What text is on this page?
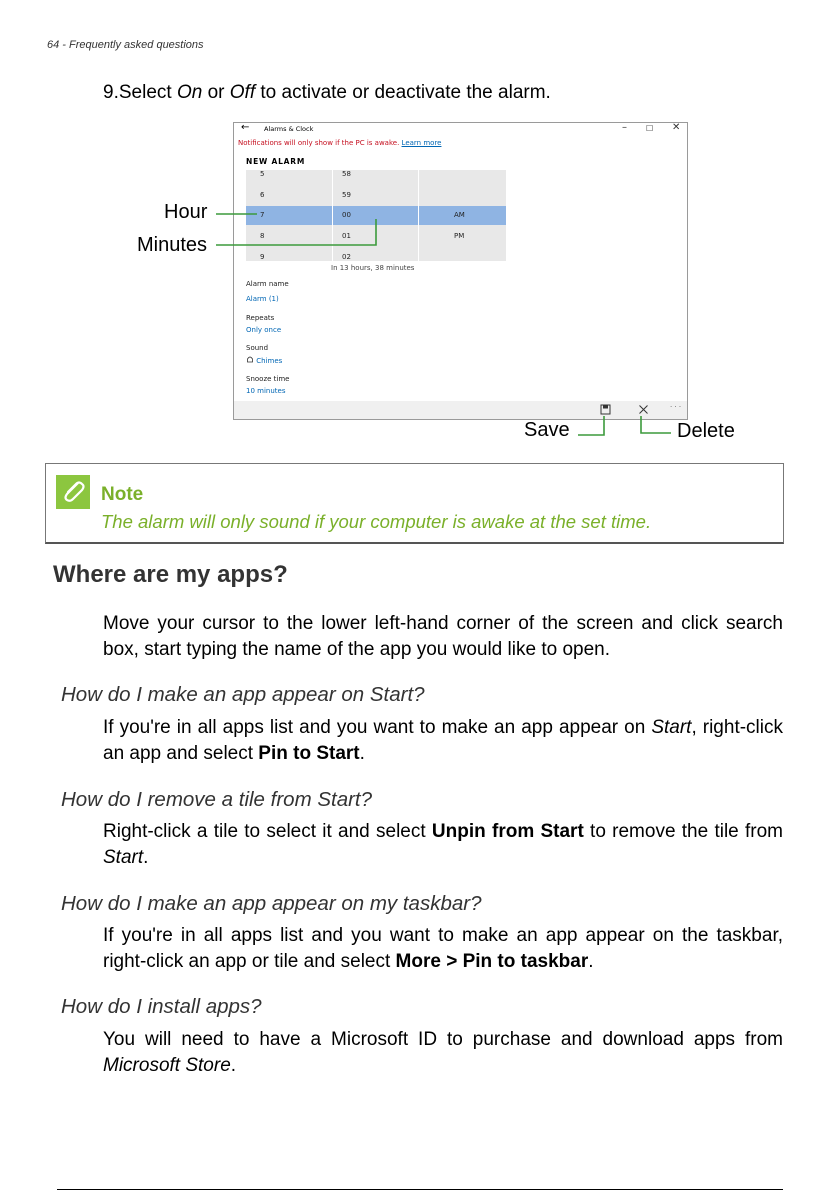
64 - Frequently asked questions
9.Select On or Off to activate or deactivate the alarm.
← Alarms & Clock	– ☐ ✕
Notifications will only show if the PC is awake. Learn more
NEW ALARM
5
6
7
8
9
58
59
00
01
02
AM
PM
In 13 hours, 38 minutes
Alarm name
Alarm (1)
Repeats
Only once
Sound
Chimes
Snooze time
10 minutes
· · ·
Hour
Minutes
Save	Delete
Note
The alarm will only sound if your computer is awake at the set time.
Where are my apps?
Move your cursor to the lower left-hand corner of the screen and click search box, start typing the name of the app you would like to open.
How do I make an app appear on Start?
If you're in all apps list and you want to make an app appear on Start, right-click an app and select Pin to Start.
How do I remove a tile from Start?
Right-click a tile to select it and select Unpin from Start to remove the tile from Start.
How do I make an app appear on my taskbar?
If you're in all apps list and you want to make an app appear on the taskbar, right-click an app or tile and select More > Pin to taskbar.
How do I install apps?
You will need to have a Microsoft ID to purchase and download apps from Microsoft Store.
